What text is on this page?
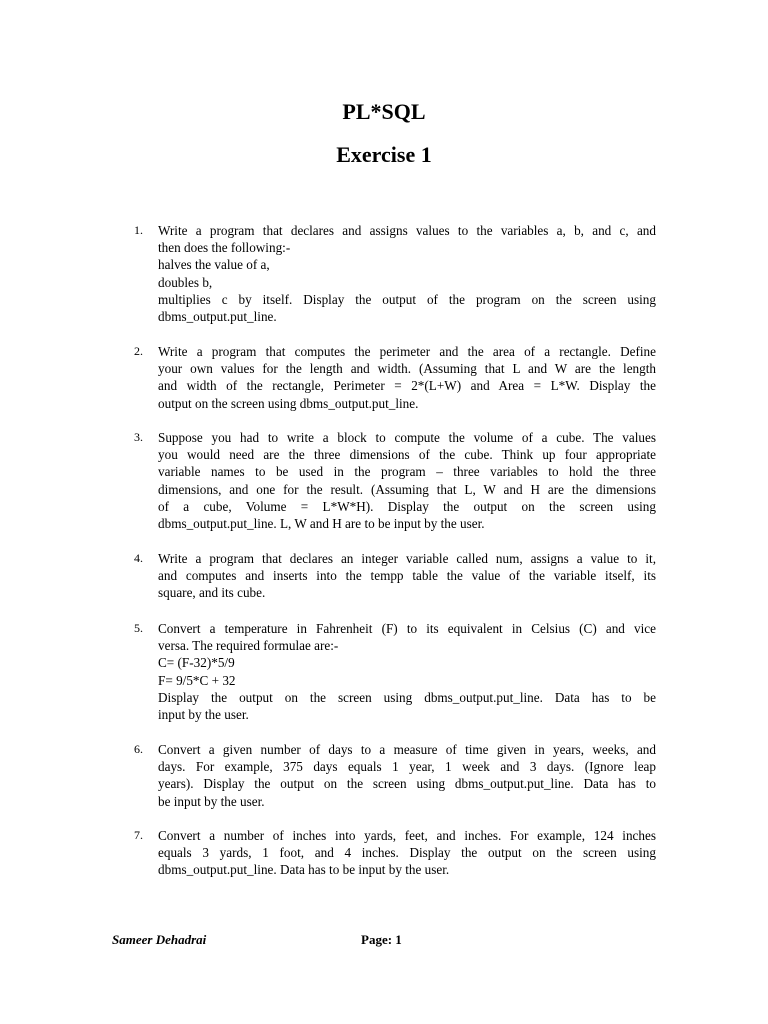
PL*SQL
Exercise 1
1. Write a program that declares and assigns values to the variables a, b, and c, and
then does the following:-
halves the value of a,
doubles b,
multiplies c by itself. Display the output of the program on the screen using
dbms_output.put_line.
2. Write a program that computes the perimeter and the area of a rectangle. Define
your own values for the length and width. (Assuming that L and W are the length
and width of the rectangle, Perimeter = 2*(L+W) and Area = L*W. Display the
output on the screen using dbms_output.put_line.
3. Suppose you had to write a block to compute the volume of a cube. The values
you would need are the three dimensions of the cube. Think up four appropriate
variable names to be used in the program – three variables to hold the three
dimensions, and one for the result. (Assuming that L, W and H are the dimensions
of a cube, Volume = L*W*H). Display the output on the screen using
dbms_output.put_line. L, W and H are to be input by the user.
4. Write a program that declares an integer variable called num, assigns a value to it,
and computes and inserts into the tempp table the value of the variable itself, its
square, and its cube.
5. Convert a temperature in Fahrenheit (F) to its equivalent in Celsius (C) and vice
versa. The required formulae are:-
C= (F-32)*5/9
F= 9/5*C + 32
Display the output on the screen using dbms_output.put_line. Data has to be
input by the user.
6. Convert a given number of days to a measure of time given in years, weeks, and
days. For example, 375 days equals 1 year, 1 week and 3 days. (Ignore leap
years). Display the output on the screen using dbms_output.put_line. Data has to
be input by the user.
7. Convert a number of inches into yards, feet, and inches. For example, 124 inches
equals 3 yards, 1 foot, and 4 inches. Display the output on the screen using
dbms_output.put_line. Data has to be input by the user.
Sameer Dehadrai	Page: 1
